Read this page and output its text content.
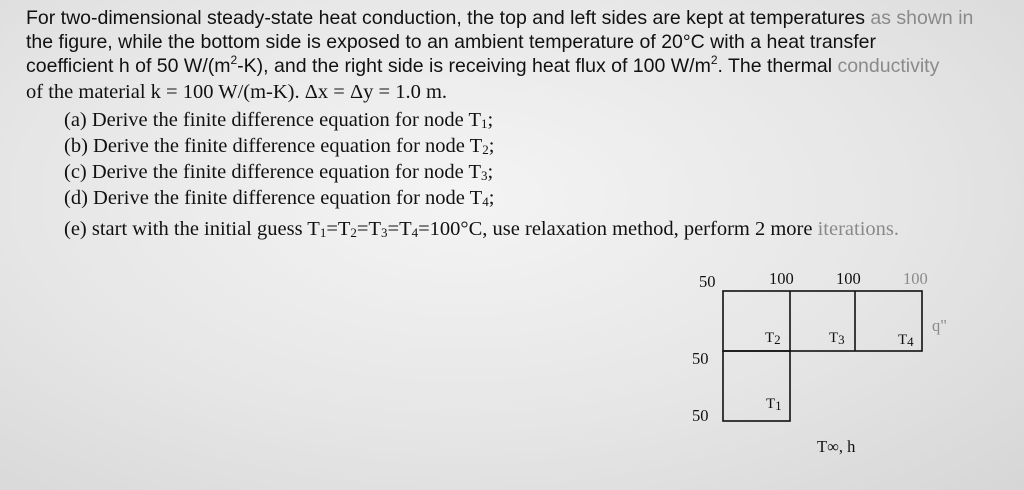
For two-dimensional steady-state heat conduction, the top and left sides are kept at temperatures as shown in
the figure, while the bottom side is exposed to an ambient temperature of 20°C with a heat transfer
coefficient h of 50 $W/(m^2-K)$, and the right side is receiving heat flux of 100 $W/m^2$. The thermal conductivity
of the material k = 100 W/(m-K). Δx = Δy = 1.0 m.
(a) Derive the finite difference equation for node $T_1$;
(b) Derive the finite difference equation for node $T_2$;
(c) Derive the finite difference equation for node $T_3$;
(d) Derive the finite difference equation for node $T_4$;
(e) start with the initial guess $T_1=T_2=T_3=T_4=100^\circ C$, use relaxation method, perform 2 more iterations.
50	100	100	100
50
50
q"
$T_2$	$T_3$	$T_4$
$T_1$
T∞, h
